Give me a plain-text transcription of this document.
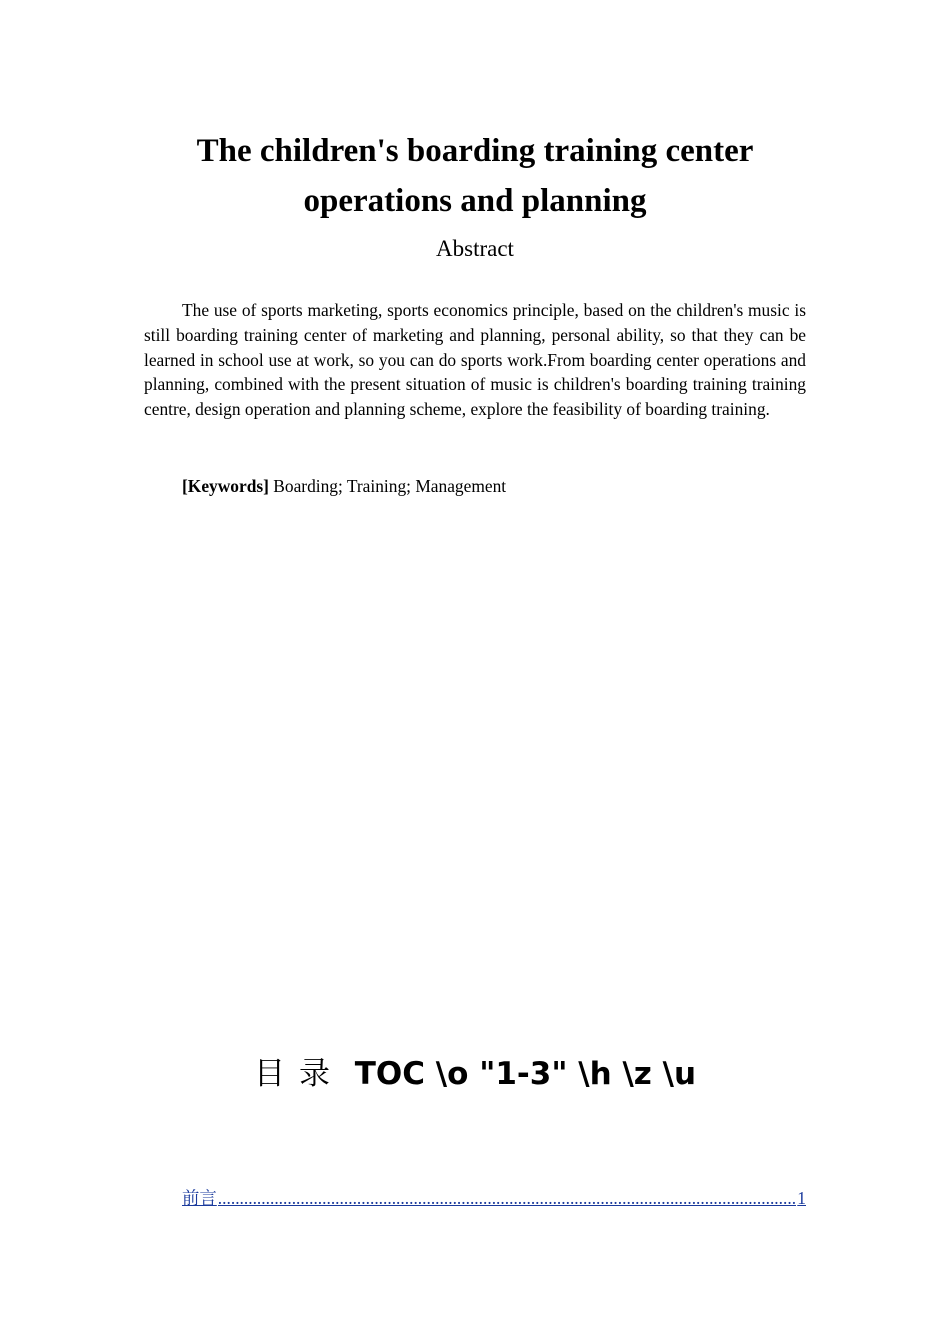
The children's boarding training center operations and planning
Abstract

The use of sports marketing, sports economics principle, based on the children's music is still boarding training center of marketing and planning, personal ability, so that they can be learned in school use at work, so you can do sports work.From boarding center operations and planning, combined with the present situation of music is children's boarding training training centre, design operation and planning scheme, explore the feasibility of boarding training.

[Keywords] Boarding; Training; Management

目录 TOC \o "1-3" \h \z \u
前言
.....	1
